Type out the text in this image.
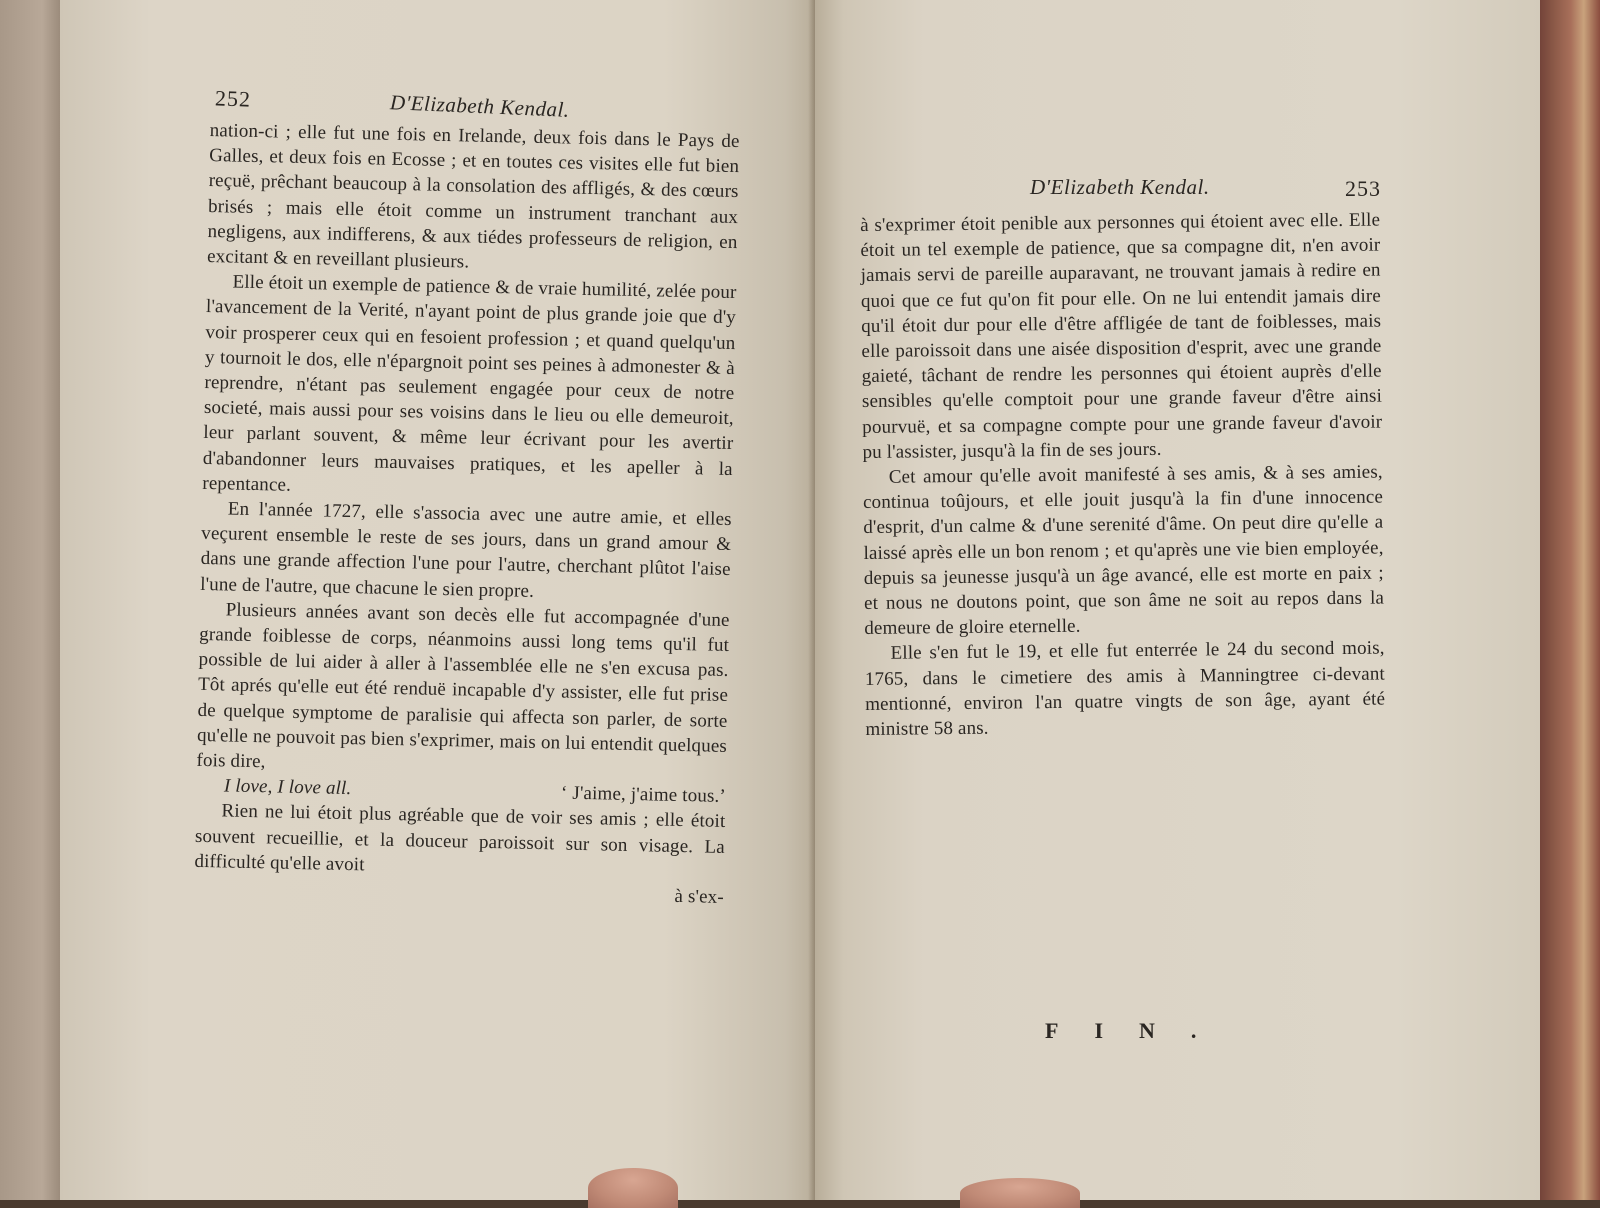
252	D'Elizabeth Kendal.

nation-ci ; elle fut une fois en Irelande, deux fois dans le Pays de Galles, et deux fois en Ecosse ; et en toutes ces visites elle fut bien reçuë, prêchant beaucoup à la consolation des affligés, & des cœurs brisés ; mais elle étoit comme un instrument tranchant aux negligens, aux indifferens, & aux tiédes professeurs de religion, en excitant & en reveillant plusieurs.

Elle étoit un exemple de patience & de vraie humilité, zelée pour l'avancement de la Verité, n'ayant point de plus grande joie que d'y voir prosperer ceux qui en fesoient profession ; et quand quelqu'un y tournoit le dos, elle n'épargnoit point ses peines à admonester & à reprendre, n'étant pas seulement engagée pour ceux de notre societé, mais aussi pour ses voisins dans le lieu ou elle demeuroit, leur parlant souvent, & même leur écrivant pour les avertir d'abandonner leurs mauvaises pratiques, et les apeller à la repentance.

En l'année 1727, elle s'associa avec une autre amie, et elles veçurent ensemble le reste de ses jours, dans un grand amour & dans une grande affection l'une pour l'autre, cherchant plûtot l'aise l'une de l'autre, que chacune le sien propre.

Plusieurs années avant son decès elle fut accompagnée d'une grande foiblesse de corps, néanmoins aussi long tems qu'il fut possible de lui aider à aller à l'assemblée elle ne s'en excusa pas. Tôt aprés qu'elle eut été renduë incapable d'y assister, elle fut prise de quelque symptome de paralisie qui affecta son parler, de sorte qu'elle ne pouvoit pas bien s'exprimer, mais on lui entendit quelques fois dire,

I love, I love all.	‘ J'aime, j'aime tous.’

Rien ne lui étoit plus agréable que de voir ses amis ; elle étoit souvent recueillie, et la douceur paroissoit sur son visage. La difficulté qu'elle avoit

à s'ex-

D'Elizabeth Kendal.	253

à s'exprimer étoit penible aux personnes qui étoient avec elle. Elle étoit un tel exemple de patience, que sa compagne dit, n'en avoir jamais servi de pareille auparavant, ne trouvant jamais à redire en quoi que ce fut qu'on fit pour elle. On ne lui entendit jamais dire qu'il étoit dur pour elle d'être affligée de tant de foiblesses, mais elle paroissoit dans une aisée disposition d'esprit, avec une grande gaieté, tâchant de rendre les personnes qui étoient auprès d'elle sensibles qu'elle comptoit pour une grande faveur d'être ainsi pourvuë, et sa compagne compte pour une grande faveur d'avoir pu l'assister, jusqu'à la fin de ses jours.

Cet amour qu'elle avoit manifesté à ses amis, & à ses amies, continua toûjours, et elle jouit jusqu'à la fin d'une innocence d'esprit, d'un calme & d'une serenité d'âme. On peut dire qu'elle a laissé après elle un bon renom ; et qu'après une vie bien employée, depuis sa jeunesse jusqu'à un âge avancé, elle est morte en paix ; et nous ne doutons point, que son âme ne soit au repos dans la demeure de gloire eternelle.

Elle s'en fut le 19, et elle fut enterrée le 24 du second mois, 1765, dans le cimetiere des amis à Manningtree ci-devant mentionné, environ l'an quatre vingts de son âge, ayant été ministre 58 ans.

FIN.
